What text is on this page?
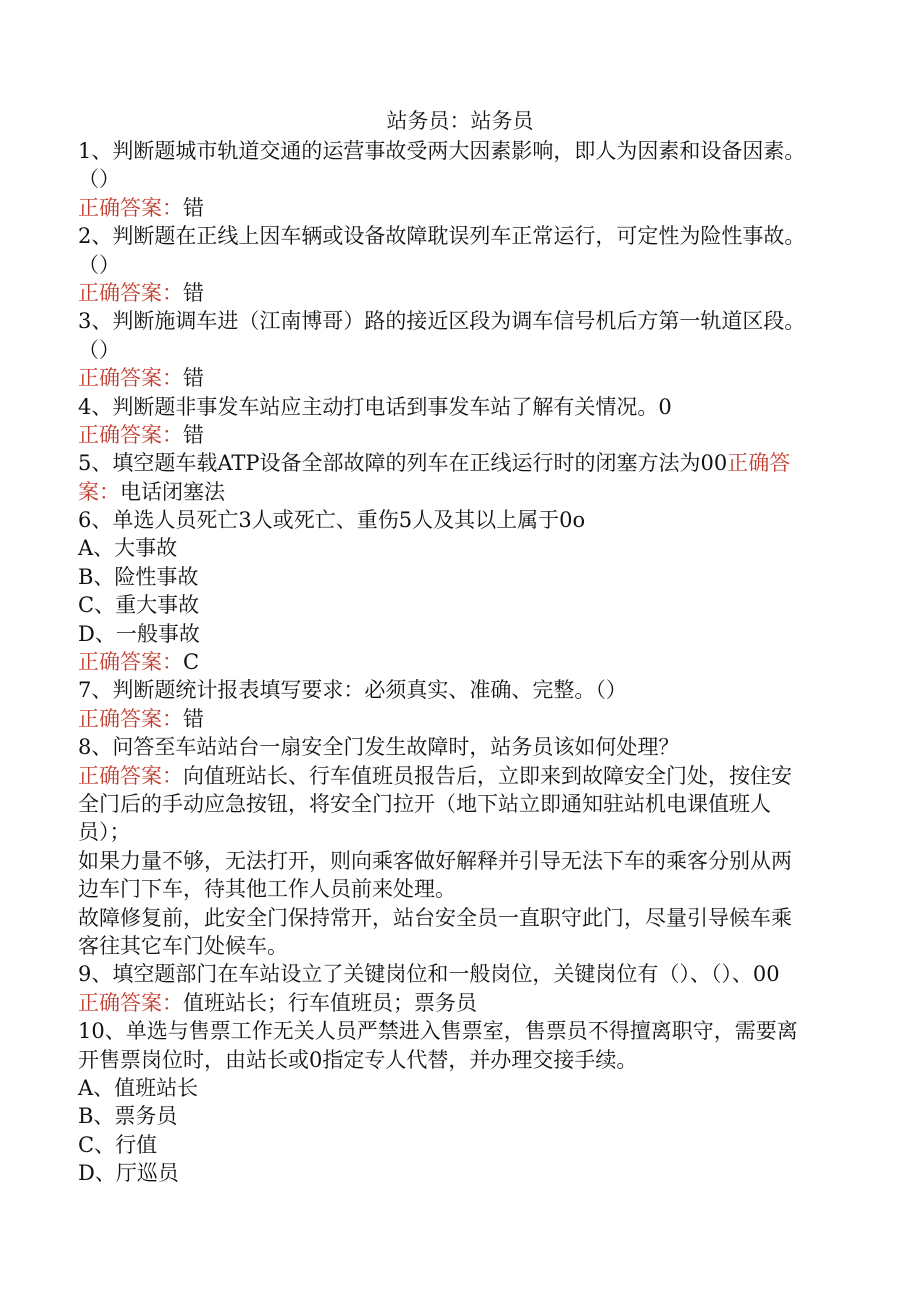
站务员：站务员
1、判断题城市轨道交通的运营事故受两大因素影响，即人为因素和设备因素。
（）
正确答案：错
2、判断题在正线上因车辆或设备故障耽误列车正常运行，可定性为险性事故。
（）
正确答案：错
3、判断施调车进（江南博哥）路的接近区段为调车信号机后方第一轨道区段。
（）
正确答案：错
4、判断题非事发车站应主动打电话到事发车站了解有关情况。0
正确答案：错
5、填空题车载ATP设备全部故障的列车在正线运行时的闭塞方法为00正确答
案：电话闭塞法
6、单选人员死亡3人或死亡、重伤5人及其以上属于0o
A、大事故
B、险性事故
C、重大事故
D、一般事故
正确答案：C
7、判断题统计报表填写要求：必须真实、准确、完整。（）
正确答案：错
8、问答至车站站台一扇安全门发生故障时，站务员该如何处理？
正确答案：向值班站长、行车值班员报告后，立即来到故障安全门处，按住安
全门后的手动应急按钮，将安全门拉开（地下站立即通知驻站机电课值班人
员）；
如果力量不够，无法打开，则向乘客做好解释并引导无法下车的乘客分别从两
边车门下车，待其他工作人员前来处理。
故障修复前，此安全门保持常开，站台安全员一直职守此门，尽量引导候车乘
客往其它车门处候车。
9、填空题部门在车站设立了关键岗位和一般岗位，关键岗位有（）、（）、00
正确答案：值班站长；行车值班员；票务员
10、单选与售票工作无关人员严禁进入售票室，售票员不得擅离职守，需要离
开售票岗位时，由站长或0指定专人代替，并办理交接手续。
A、值班站长
B、票务员
C、行值
D、厅巡员
